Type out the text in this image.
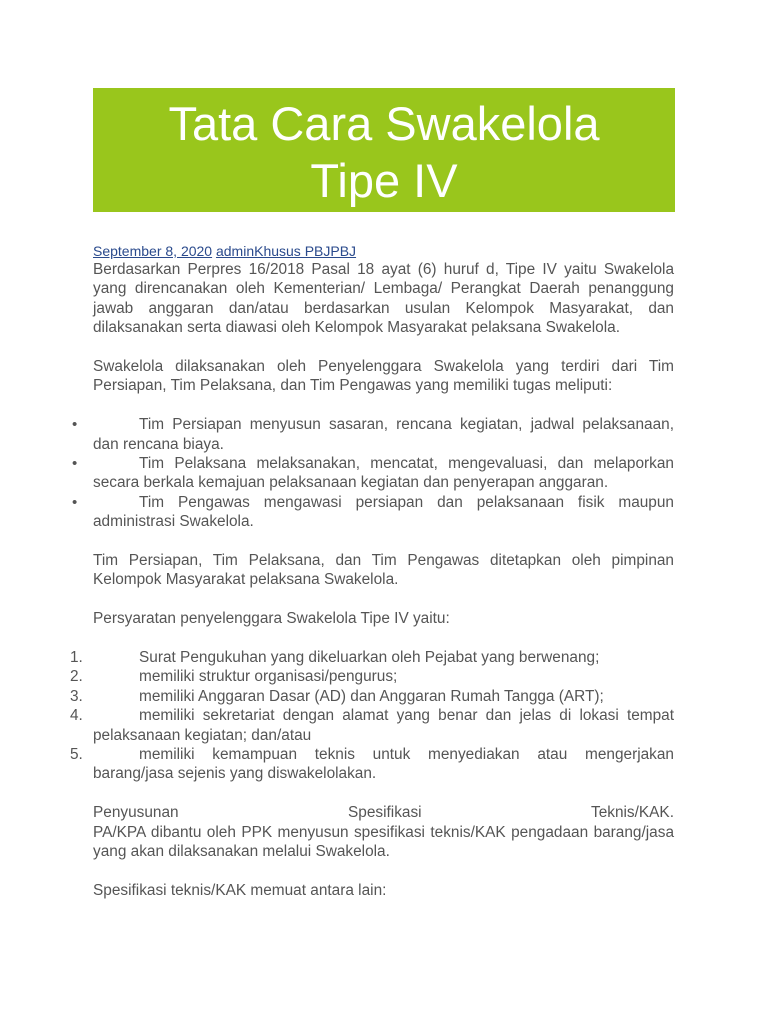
Tata Cara Swakelola
Tipe IV
September 8, 2020 adminKhusus PBJPBJ

Berdasarkan Perpres 16/2018 Pasal 18 ayat (6) huruf d, Tipe IV yaitu Swakelola yang direncanakan oleh Kementerian/ Lembaga/ Perangkat Daerah penanggung jawab anggaran dan/atau berdasarkan usulan Kelompok Masyarakat, dan dilaksanakan serta diawasi oleh Kelompok Masyarakat pelaksana Swakelola.

Swakelola dilaksanakan oleh Penyelenggara Swakelola yang terdiri dari Tim Persiapan, Tim Pelaksana, dan Tim Pengawas yang memiliki tugas meliputi:

•	Tim Persiapan menyusun sasaran, rencana kegiatan, jadwal pelaksanaan, dan rencana biaya.
•	Tim Pelaksana melaksanakan, mencatat, mengevaluasi, dan melaporkan secara berkala kemajuan pelaksanaan kegiatan dan penyerapan anggaran.
•	Tim Pengawas mengawasi persiapan dan pelaksanaan fisik maupun administrasi Swakelola.

Tim Persiapan, Tim Pelaksana, dan Tim Pengawas ditetapkan oleh pimpinan Kelompok Masyarakat pelaksana Swakelola.

Persyaratan penyelenggara Swakelola Tipe IV yaitu:

1.	Surat Pengukuhan yang dikeluarkan oleh Pejabat yang berwenang;
2.	memiliki struktur organisasi/pengurus;
3.	memiliki Anggaran Dasar (AD) dan Anggaran Rumah Tangga (ART);
4.	memiliki sekretariat dengan alamat yang benar dan jelas di lokasi tempat pelaksanaan kegiatan; dan/atau
5.	memiliki kemampuan teknis untuk menyediakan atau mengerjakan barang/jasa sejenis yang diswakelolakan.
Penyusunan	Spesifikasi	Teknis/KAK.
PA/KPA dibantu oleh PPK menyusun spesifikasi teknis/KAK pengadaan barang/jasa yang akan dilaksanakan melalui Swakelola.

Spesifikasi teknis/KAK memuat antara lain:
